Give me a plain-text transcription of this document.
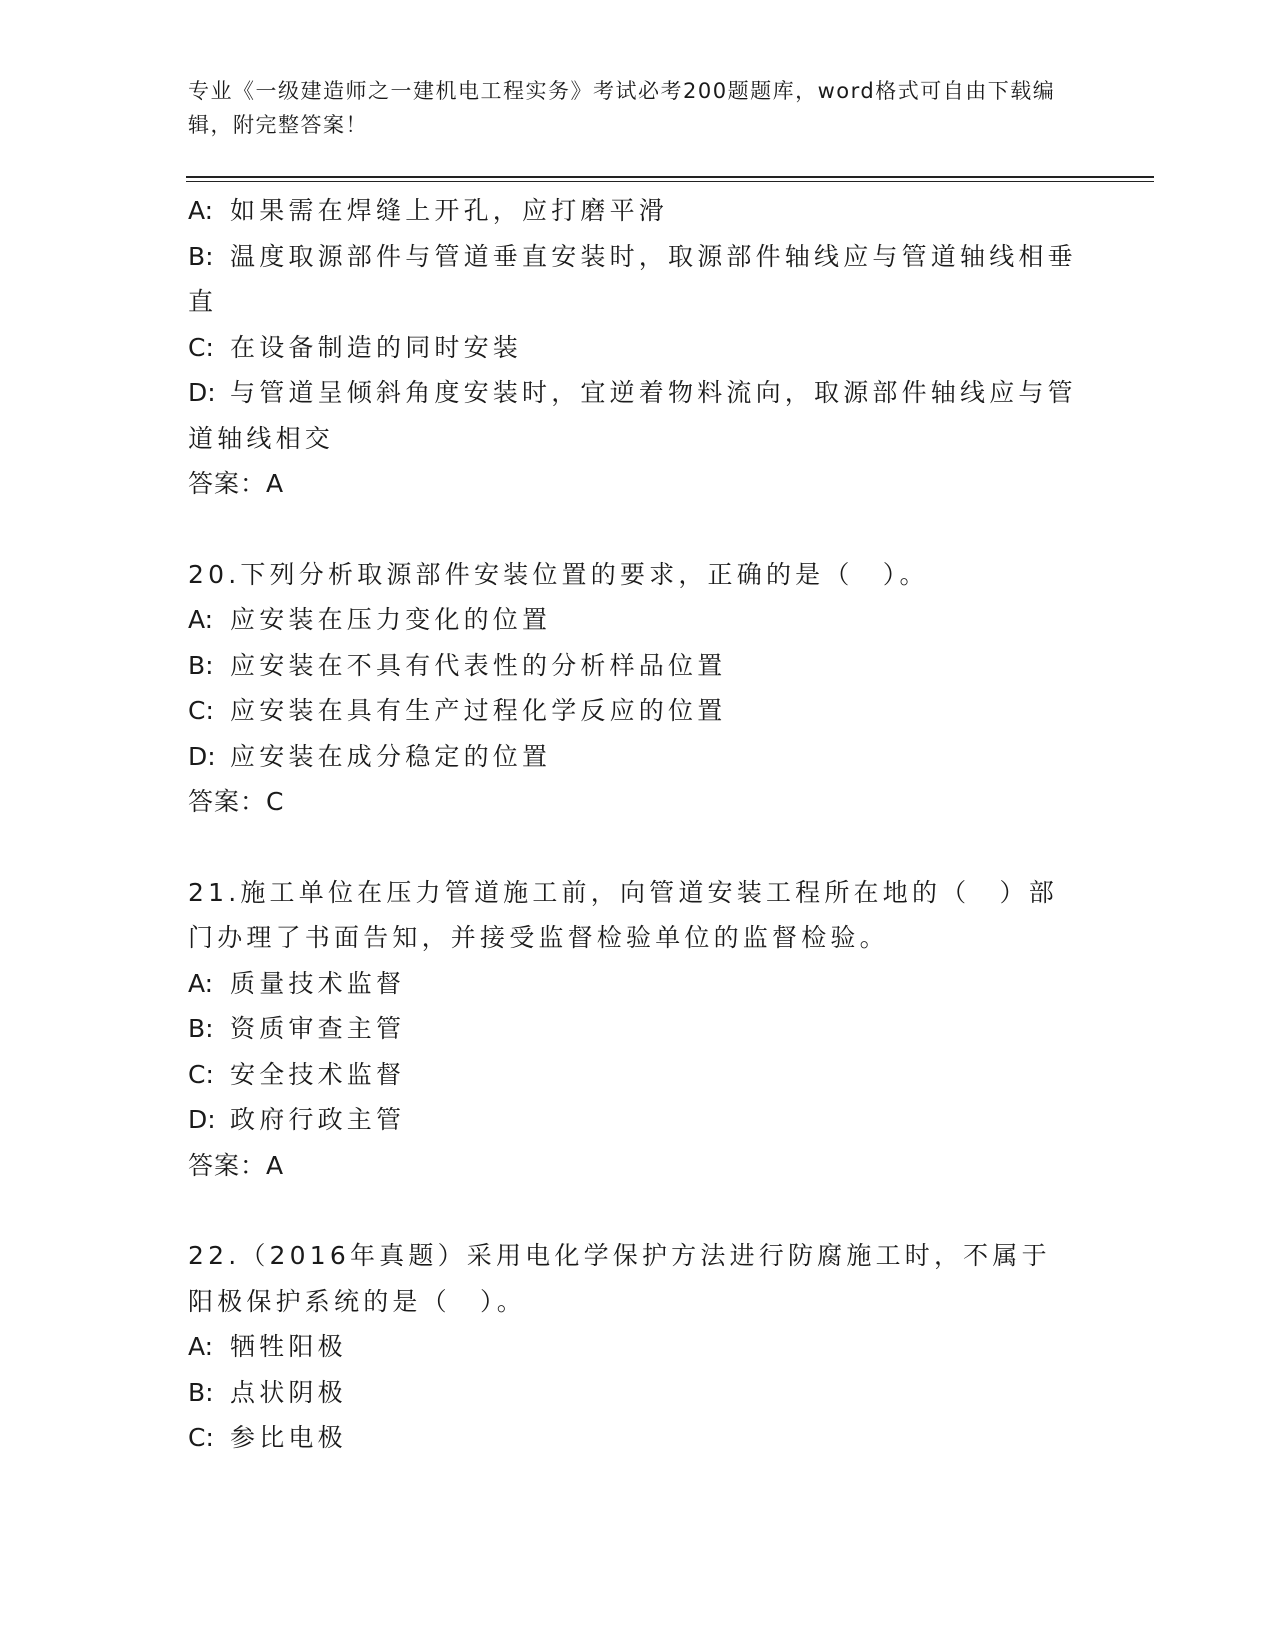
专业《一级建造师之一建机电工程实务》考试必考200题题库，word格式可自由下载编辑，附完整答案！
A: 如果需在焊缝上开孔，应打磨平滑
B: 温度取源部件与管道垂直安装时，取源部件轴线应与管道轴线相垂直
C: 在设备制造的同时安装
D: 与管道呈倾斜角度安装时，宜逆着物料流向，取源部件轴线应与管道轴线相交
答案：A
20.下列分析取源部件安装位置的要求，正确的是（　）。
A: 应安装在压力变化的位置
B: 应安装在不具有代表性的分析样品位置
C: 应安装在具有生产过程化学反应的位置
D: 应安装在成分稳定的位置
答案：C
21.施工单位在压力管道施工前，向管道安装工程所在地的（　）部门办理了书面告知，并接受监督检验单位的监督检验。
A: 质量技术监督
B: 资质审查主管
C: 安全技术监督
D: 政府行政主管
答案：A
22.（2016年真题）采用电化学保护方法进行防腐施工时，不属于阳极保护系统的是（　）。
A: 牺牲阳极
B: 点状阴极
C: 参比电极
